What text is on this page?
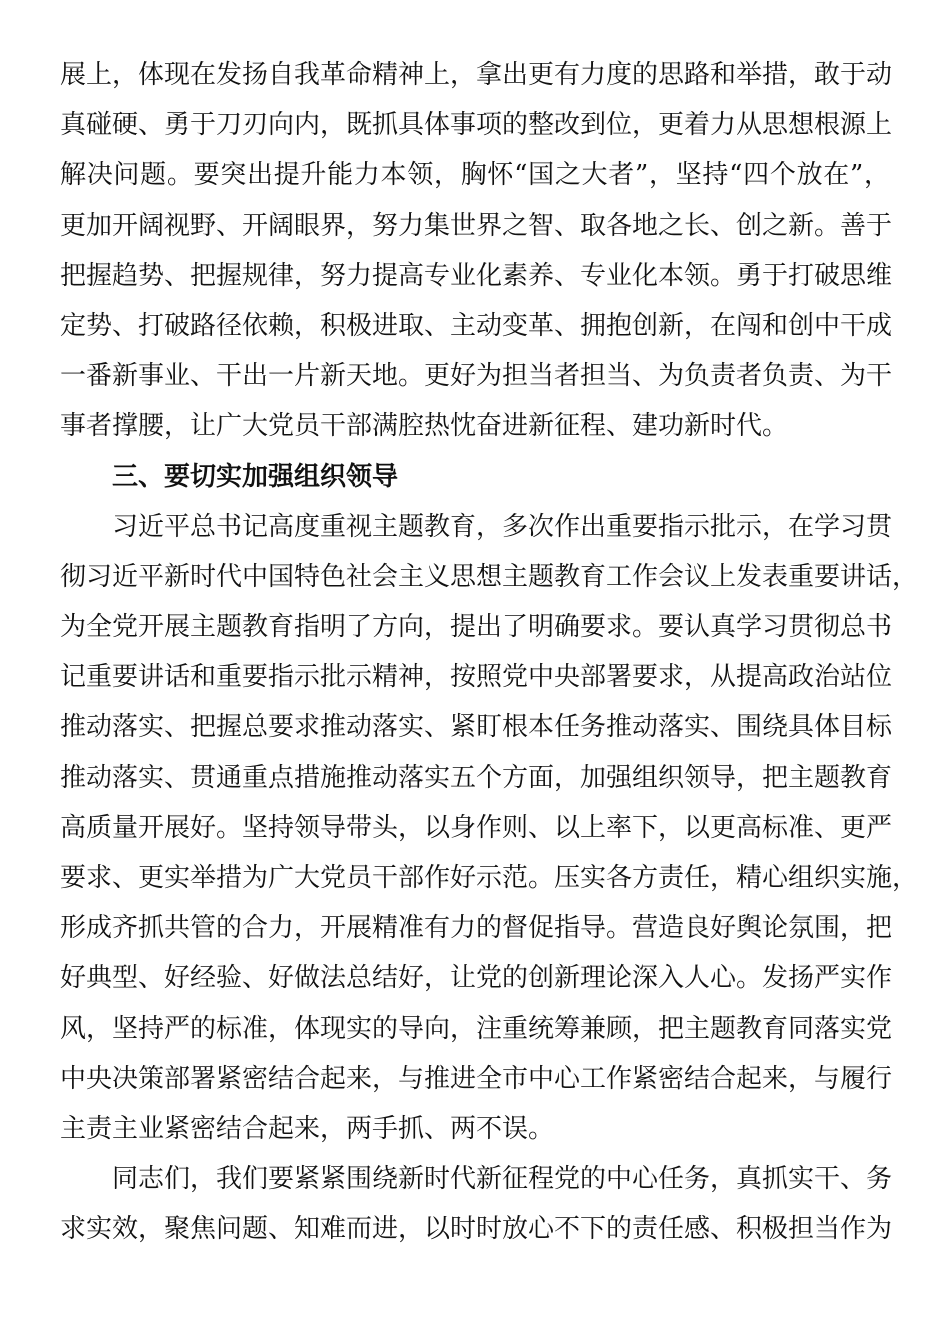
展上，体现在发扬自我革命精神上，拿出更有力度的思路和举措，敢于动
真碰硬、勇于刀刃向内，既抓具体事项的整改到位，更着力从思想根源上
解决问题。要突出提升能力本领，胸怀“国之大者”，坚持“四个放在”，
更加开阔视野、开阔眼界，努力集世界之智、取各地之长、创之新。善于
把握趋势、把握规律，努力提高专业化素养、专业化本领。勇于打破思维
定势、打破路径依赖，积极进取、主动变革、拥抱创新，在闯和创中干成
一番新事业、干出一片新天地。更好为担当者担当、为负责者负责、为干
事者撑腰，让广大党员干部满腔热忱奋进新征程、建功新时代。
三、要切实加强组织领导
习近平总书记高度重视主题教育，多次作出重要指示批示，在学习贯
彻习近平新时代中国特色社会主义思想主题教育工作会议上发表重要讲话，
为全党开展主题教育指明了方向，提出了明确要求。要认真学习贯彻总书
记重要讲话和重要指示批示精神，按照党中央部署要求，从提高政治站位
推动落实、把握总要求推动落实、紧盯根本任务推动落实、围绕具体目标
推动落实、贯通重点措施推动落实五个方面，加强组织领导，把主题教育
高质量开展好。坚持领导带头，以身作则、以上率下，以更高标准、更严
要求、更实举措为广大党员干部作好示范。压实各方责任，精心组织实施，
形成齐抓共管的合力，开展精准有力的督促指导。营造良好舆论氛围，把
好典型、好经验、好做法总结好，让党的创新理论深入人心。发扬严实作
风，坚持严的标准，体现实的导向，注重统筹兼顾，把主题教育同落实党
中央决策部署紧密结合起来，与推进全市中心工作紧密结合起来，与履行
主责主业紧密结合起来，两手抓、两不误。
同志们，我们要紧紧围绕新时代新征程党的中心任务，真抓实干、务
求实效，聚焦问题、知难而进，以时时放心不下的责任感、积极担当作为
